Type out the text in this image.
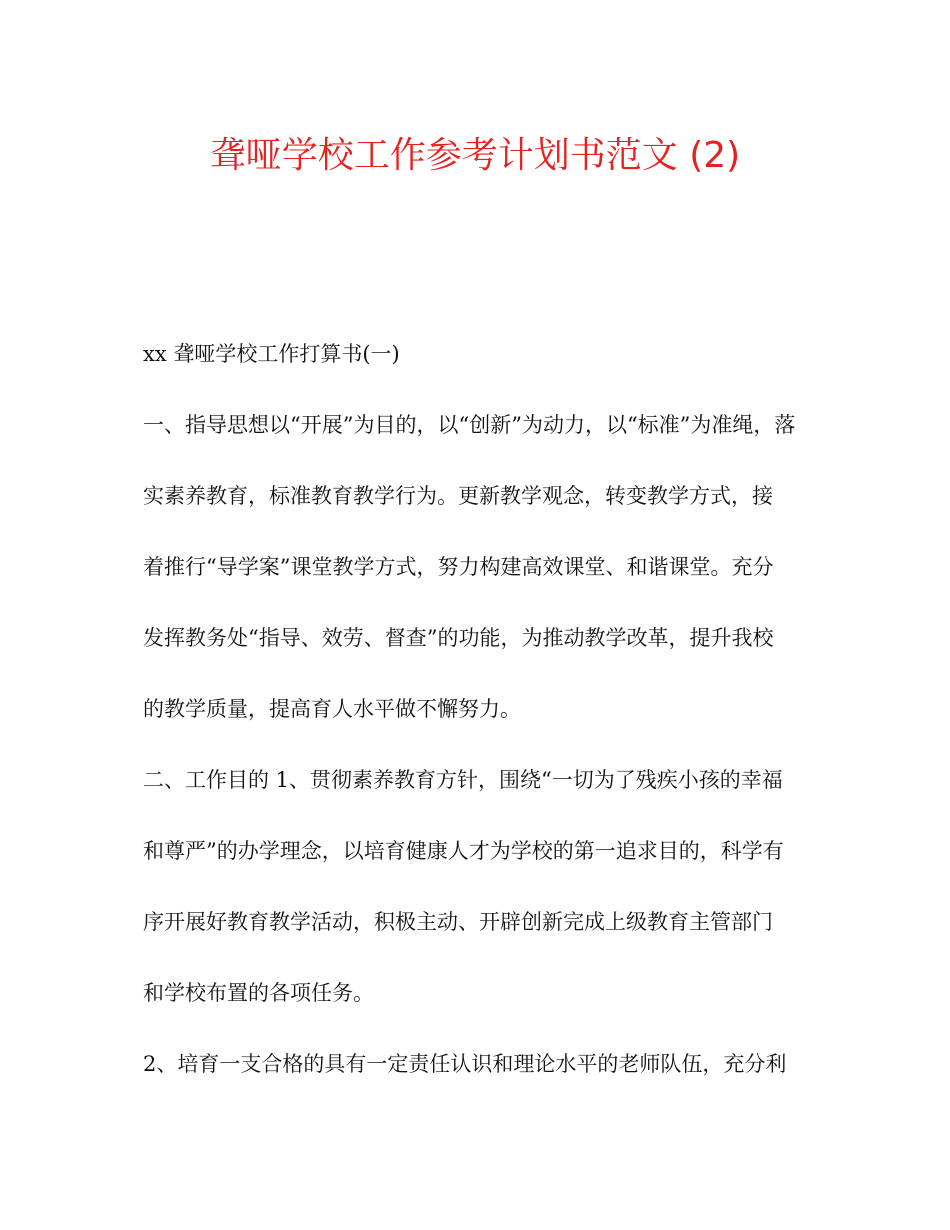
聋哑学校工作参考计划书范文 (2)
xx 聋哑学校工作打算书(一)
一、指导思想以“开展”为目的，以“创新”为动力，以“标准”为准绳，落
实素养教育，标准教育教学行为。更新教学观念，转变教学方式，接
着推行“导学案”课堂教学方式，努力构建高效课堂、和谐课堂。充分
发挥教务处“指导、效劳、督查”的功能，为推动教学改革，提升我校
的教学质量，提高育人水平做不懈努力。
二、工作目的 1、贯彻素养教育方针，围绕“一切为了残疾小孩的幸福
和尊严”的办学理念，以培育健康人才为学校的第一追求目的，科学有
序开展好教育教学活动，积极主动、开辟创新完成上级教育主管部门
和学校布置的各项任务。
2、培育一支合格的具有一定责任认识和理论水平的老师队伍，充分利
